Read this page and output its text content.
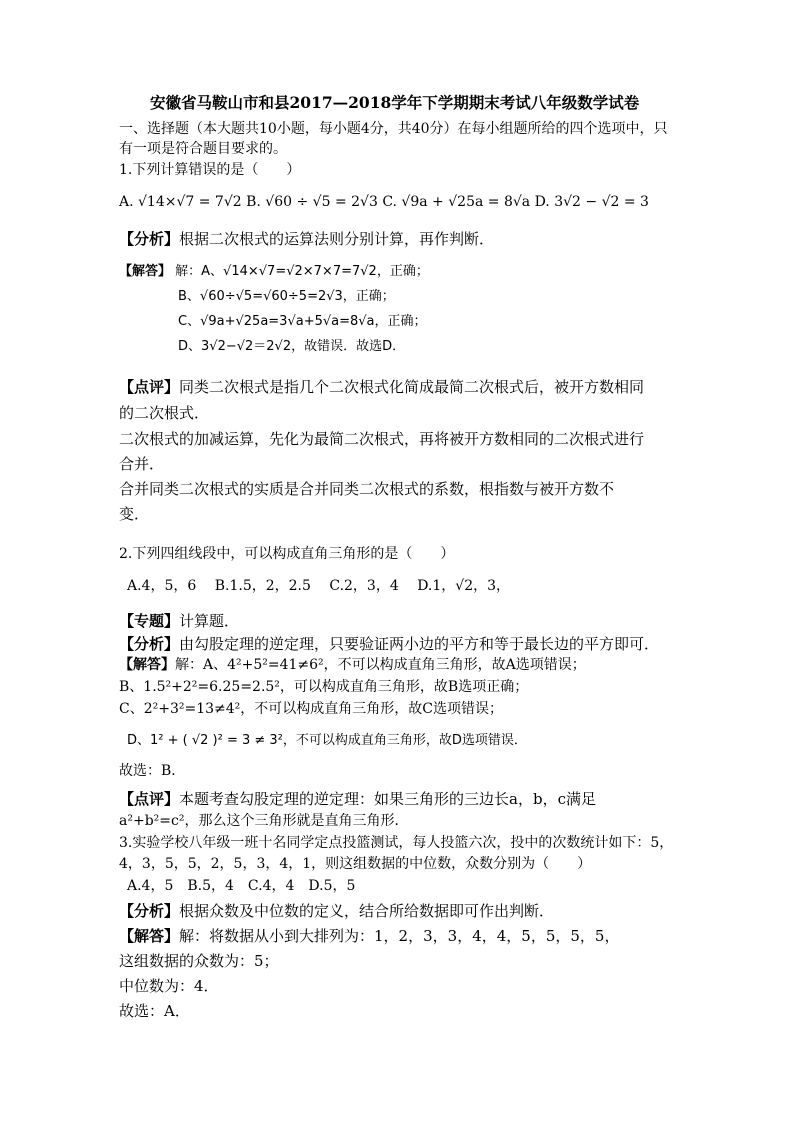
安徽省马鞍山市和县2017—2018学年下学期期末考试八年级数学试卷
一、选择题（本大题共10小题，每小题4分，共40分）在每小组题所给的四个选项中，只
有一项是符合题目要求的。
1.下列计算错误的是（　　）
A. √14×√7 = 7√2 B. √60 ÷ √5 = 2√3 C. √9a + √25a = 8√a D. 3√2 − √2 = 3
【分析】根据二次根式的运算法则分别计算，再作判断．
【解答】 解：A、√14×√7=√2×7×7=7√2，正确；
B、√60÷√5=√60÷5=2√3，正确；
C、√9a+√25a=3√a+5√a=8√a，正确；
D、3√2−√2＝2√2，故错误．故选D．
【点评】同类二次根式是指几个二次根式化简成最简二次根式后，被开方数相同
的二次根式．
二次根式的加减运算，先化为最简二次根式，再将被开方数相同的二次根式进行
合并．
合并同类二次根式的实质是合并同类二次根式的系数，根指数与被开方数不
变．
2.下列四组线段中，可以构成直角三角形的是（　　）
A.4，5，6　 B.1.5，2，2.5　 C.2，3，4　 D.1，√2，3，
【专题】计算题．
【分析】由勾股定理的逆定理，只要验证两小边的平方和等于最长边的平方即可．
【解答】解：A、4²+5²=41≠6²，不可以构成直角三角形，故A选项错误；
B、1.5²+2²=6.25=2.5²，可以构成直角三角形，故B选项正确；
C、2²+3²=13≠4²，不可以构成直角三角形，故C选项错误；
D、1² + ( √2 )² = 3 ≠ 3²，不可以构成直角三角形，故D选项错误．
故选：B．
【点评】本题考查勾股定理的逆定理：如果三角形的三边长a，b，c满足
a²+b²=c²，那么这个三角形就是直角三角形．
3.实验学校八年级一班十名同学定点投篮测试，每人投篮六次，投中的次数统计如下：5，
4，3，5，5，2，5，3，4，1，则这组数据的中位数，众数分别为（　　）
A.4，5　B.5，4　C.4，4　D.5，5
【分析】根据众数及中位数的定义，结合所给数据即可作出判断．
【解答】解：将数据从小到大排列为：1，2，3，3，4，4，5，5，5，5，
这组数据的众数为：5；
中位数为：4．
故选：A．
